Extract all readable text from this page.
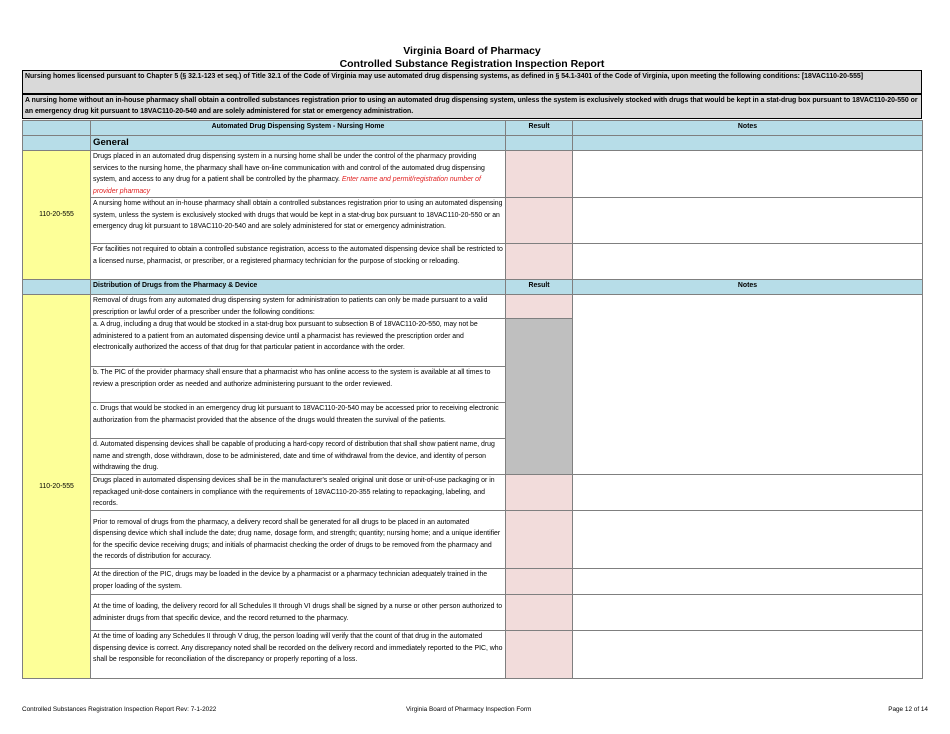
Virginia Board of Pharmacy
Controlled Substance Registration Inspection Report
Nursing homes licensed pursuant to Chapter 5 (§ 32.1-123 et seq.) of Title 32.1 of the Code of Virginia may use automated drug dispensing systems, as defined in § 54.1-3401 of the Code of Virginia, upon meeting the following conditions: [18VAC110-20-555]
A nursing home without an in-house pharmacy shall obtain a controlled substances registration prior to using an automated drug dispensing system, unless the system is exclusively stocked with drugs that would be kept in a stat-drug box pursuant to 18VAC110-20-550 or an emergency drug kit pursuant to 18VAC110-20-540 and are solely administered for stat or emergency administration.
	Automated Drug Dispensing System - Nursing Home	Result	Notes
	General		
110-20-555	Drugs placed in an automated drug dispensing system in a nursing home shall be under the control of the pharmacy providing services to the nursing home, the pharmacy shall have on-line communication with and control of the automated drug dispensing system, and access to any drug for a patient shall be controlled by the pharmacy. Enter name and permit/registration number of provider pharmacy		
	A nursing home without an in-house pharmacy shall obtain a controlled substances registration prior to using an automated dispensing system, unless the system is exclusively stocked with drugs that would be kept in a stat-drug box pursuant to 18VAC110-20-550 or an emergency drug kit pursuant to 18VAC110-20-540 and are solely administered for stat or emergency administration.		
	For facilities not required to obtain a controlled substance registration, access to the automated dispensing device shall be restricted to a licensed nurse, pharmacist, or prescriber, or a registered pharmacy technician for the purpose of stocking or reloading.		
	Distribution of Drugs from the Pharmacy & Device	Result	Notes
110-20-555	Removal of drugs from any automated drug dispensing system for administration to patients can only be made pursuant to a valid prescription or lawful order of a prescriber under the following conditions:		
	a. A drug, including a drug that would be stocked in a stat-drug box pursuant to subsection B of 18VAC110-20-550, may not be administered to a patient from an automated dispensing device until a pharmacist has reviewed the prescription order and electronically authorized the access of that drug for that particular patient in accordance with the order.		
	b. The PIC of the provider pharmacy shall ensure that a pharmacist who has online access to the system is available at all times to review a prescription order as needed and authorize administering pursuant to the order reviewed.		
	c. Drugs that would be stocked in an emergency drug kit pursuant to 18VAC110-20-540 may be accessed prior to receiving electronic authorization from the pharmacist provided that the absence of the drugs would threaten the survival of the patients.		
	d. Automated dispensing devices shall be capable of producing a hard-copy record of distribution that shall show patient name, drug name and strength, dose withdrawn, dose to be administered, date and time of withdrawal from the device, and identity of person withdrawing the drug.		
	Drugs placed in automated dispensing devices shall be in the manufacturer's sealed original unit dose or unit-of-use packaging or in repackaged unit-dose containers in compliance with the requirements of 18VAC110-20-355 relating to repackaging, labeling, and records.		
	Prior to removal of drugs from the pharmacy, a delivery record shall be generated for all drugs to be placed in an automated dispensing device which shall include the date; drug name, dosage form, and strength; quantity; nursing home; and a unique identifier for the specific device receiving drugs; and initials of pharmacist checking the order of drugs to be removed from the pharmacy and the records of distribution for accuracy.		
	At the direction of the PIC, drugs may be loaded in the device by a pharmacist or a pharmacy technician adequately trained in the proper loading of the system.		
	At the time of loading, the delivery record for all Schedules II through VI drugs shall be signed by a nurse or other person authorized to administer drugs from that specific device, and the record returned to the pharmacy.		
	At the time of loading any Schedules II through V drug, the person loading will verify that the count of that drug in the automated dispensing device is correct. Any discrepancy noted shall be recorded on the delivery record and immediately reported to the PIC, who shall be responsible for reconciliation of the discrepancy or properly reporting of a loss.		
Controlled Substances Registration Inspection Report Rev: 7-1-2022	Virginia Board of Pharmacy Inspection Form	Page 12 of 14
